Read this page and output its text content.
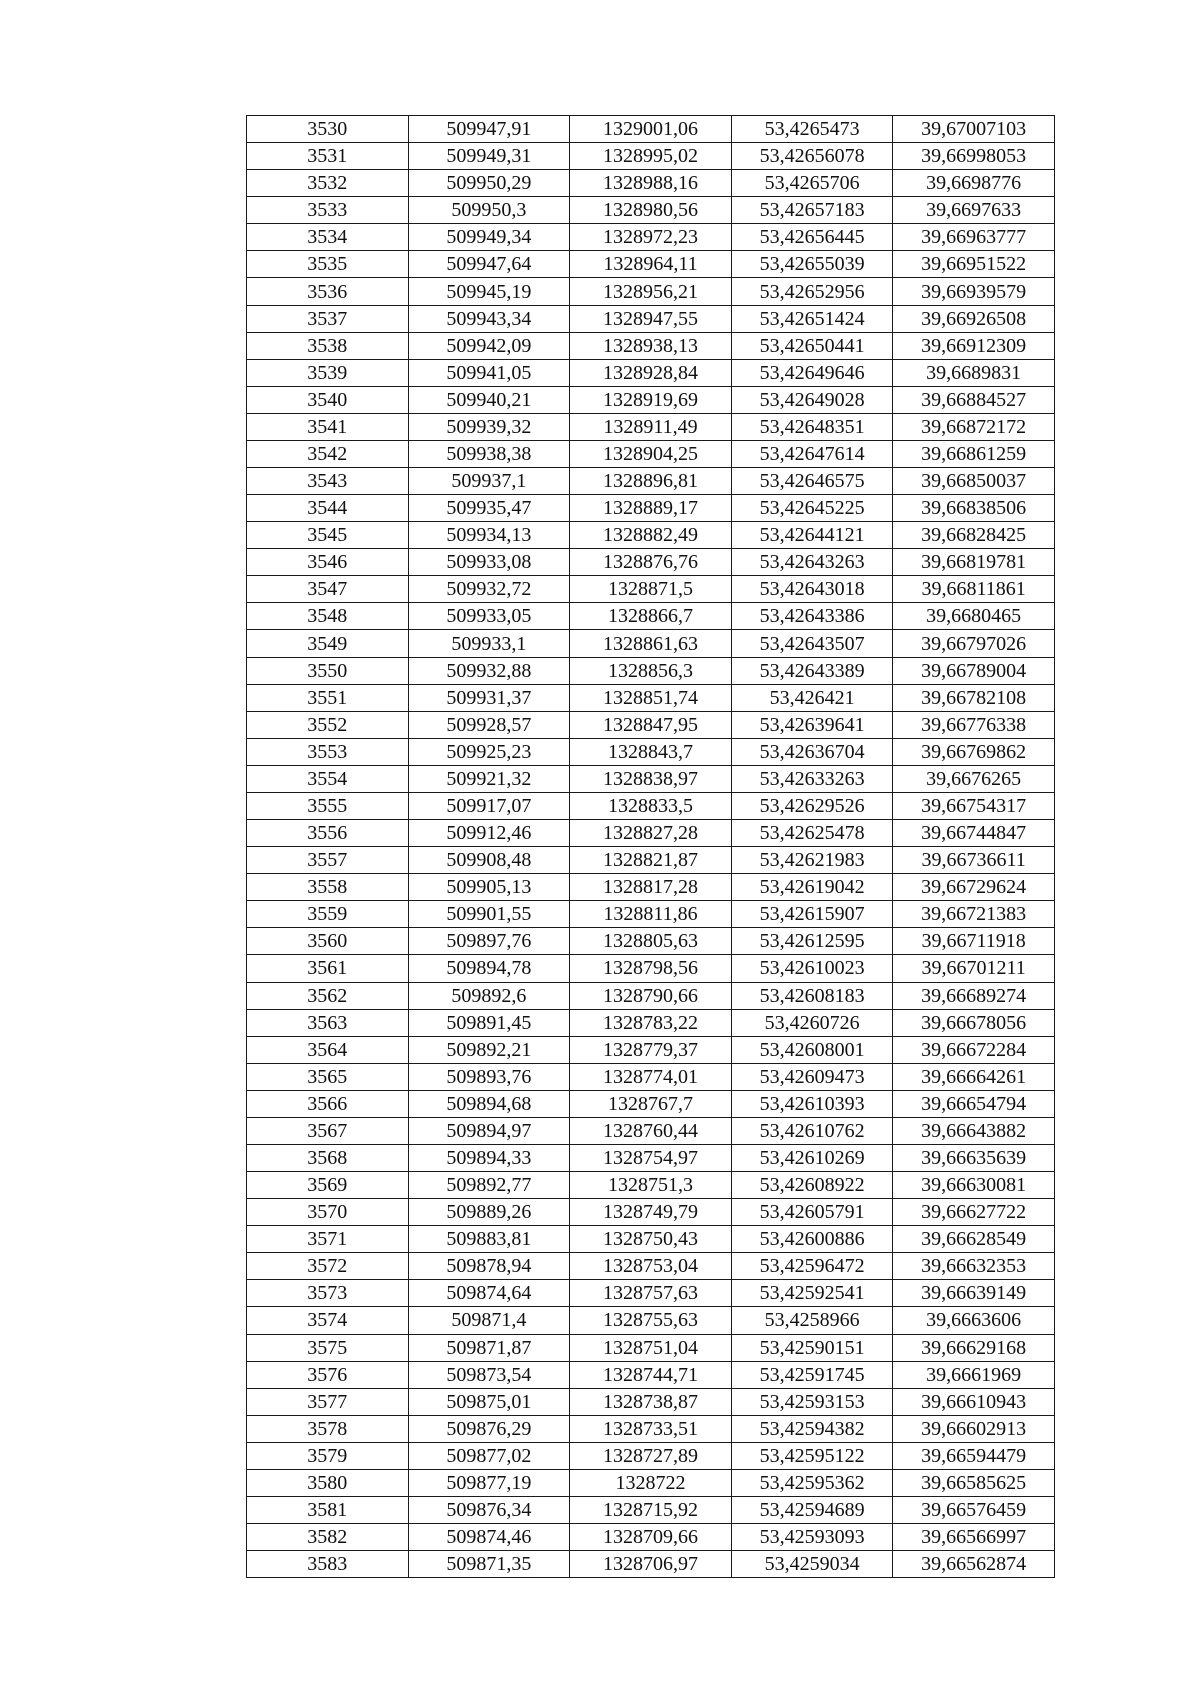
3530	509947,91	1329001,06	53,4265473	39,67007103
3531	509949,31	1328995,02	53,42656078	39,66998053
3532	509950,29	1328988,16	53,4265706	39,6698776
3533	509950,3	1328980,56	53,42657183	39,6697633
3534	509949,34	1328972,23	53,42656445	39,66963777
3535	509947,64	1328964,11	53,42655039	39,66951522
3536	509945,19	1328956,21	53,42652956	39,66939579
3537	509943,34	1328947,55	53,42651424	39,66926508
3538	509942,09	1328938,13	53,42650441	39,66912309
3539	509941,05	1328928,84	53,42649646	39,6689831
3540	509940,21	1328919,69	53,42649028	39,66884527
3541	509939,32	1328911,49	53,42648351	39,66872172
3542	509938,38	1328904,25	53,42647614	39,66861259
3543	509937,1	1328896,81	53,42646575	39,66850037
3544	509935,47	1328889,17	53,42645225	39,66838506
3545	509934,13	1328882,49	53,42644121	39,66828425
3546	509933,08	1328876,76	53,42643263	39,66819781
3547	509932,72	1328871,5	53,42643018	39,66811861
3548	509933,05	1328866,7	53,42643386	39,6680465
3549	509933,1	1328861,63	53,42643507	39,66797026
3550	509932,88	1328856,3	53,42643389	39,66789004
3551	509931,37	1328851,74	53,426421	39,66782108
3552	509928,57	1328847,95	53,42639641	39,66776338
3553	509925,23	1328843,7	53,42636704	39,66769862
3554	509921,32	1328838,97	53,42633263	39,6676265
3555	509917,07	1328833,5	53,42629526	39,66754317
3556	509912,46	1328827,28	53,42625478	39,66744847
3557	509908,48	1328821,87	53,42621983	39,66736611
3558	509905,13	1328817,28	53,42619042	39,66729624
3559	509901,55	1328811,86	53,42615907	39,66721383
3560	509897,76	1328805,63	53,42612595	39,66711918
3561	509894,78	1328798,56	53,42610023	39,66701211
3562	509892,6	1328790,66	53,42608183	39,66689274
3563	509891,45	1328783,22	53,4260726	39,66678056
3564	509892,21	1328779,37	53,42608001	39,66672284
3565	509893,76	1328774,01	53,42609473	39,66664261
3566	509894,68	1328767,7	53,42610393	39,66654794
3567	509894,97	1328760,44	53,42610762	39,66643882
3568	509894,33	1328754,97	53,42610269	39,66635639
3569	509892,77	1328751,3	53,42608922	39,66630081
3570	509889,26	1328749,79	53,42605791	39,66627722
3571	509883,81	1328750,43	53,42600886	39,66628549
3572	509878,94	1328753,04	53,42596472	39,66632353
3573	509874,64	1328757,63	53,42592541	39,66639149
3574	509871,4	1328755,63	53,4258966	39,6663606
3575	509871,87	1328751,04	53,42590151	39,66629168
3576	509873,54	1328744,71	53,42591745	39,6661969
3577	509875,01	1328738,87	53,42593153	39,66610943
3578	509876,29	1328733,51	53,42594382	39,66602913
3579	509877,02	1328727,89	53,42595122	39,66594479
3580	509877,19	1328722	53,42595362	39,66585625
3581	509876,34	1328715,92	53,42594689	39,66576459
3582	509874,46	1328709,66	53,42593093	39,66566997
3583	509871,35	1328706,97	53,4259034	39,66562874
